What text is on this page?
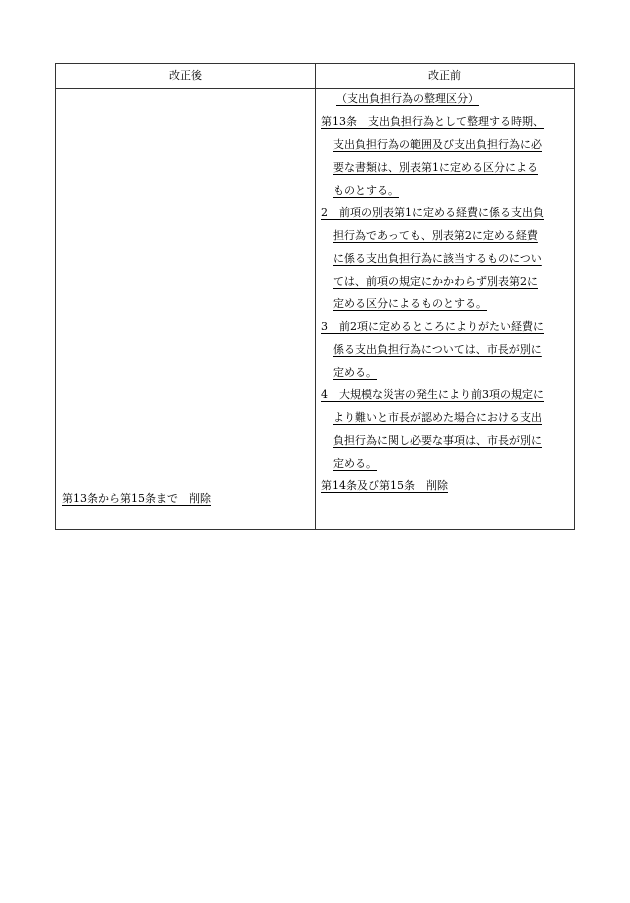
改正後	改正前
第13条から第15条まで　削除
（支出負担行為の整理区分）
第13条　支出負担行為として整理する時期、
支出負担行為の範囲及び支出負担行為に必
要な書類は、別表第1に定める区分による
ものとする。
2　前項の別表第1に定める経費に係る支出負
担行為であっても、別表第2に定める経費
に係る支出負担行為に該当するものについ
ては、前項の規定にかかわらず別表第2に
定める区分によるものとする。
3　前2項に定めるところによりがたい経費に
係る支出負担行為については、市長が別に
定める。
4　大規模な災害の発生により前3項の規定に
より難いと市長が認めた場合における支出
負担行為に関し必要な事項は、市長が別に
定める。
第14条及び第15条　削除
